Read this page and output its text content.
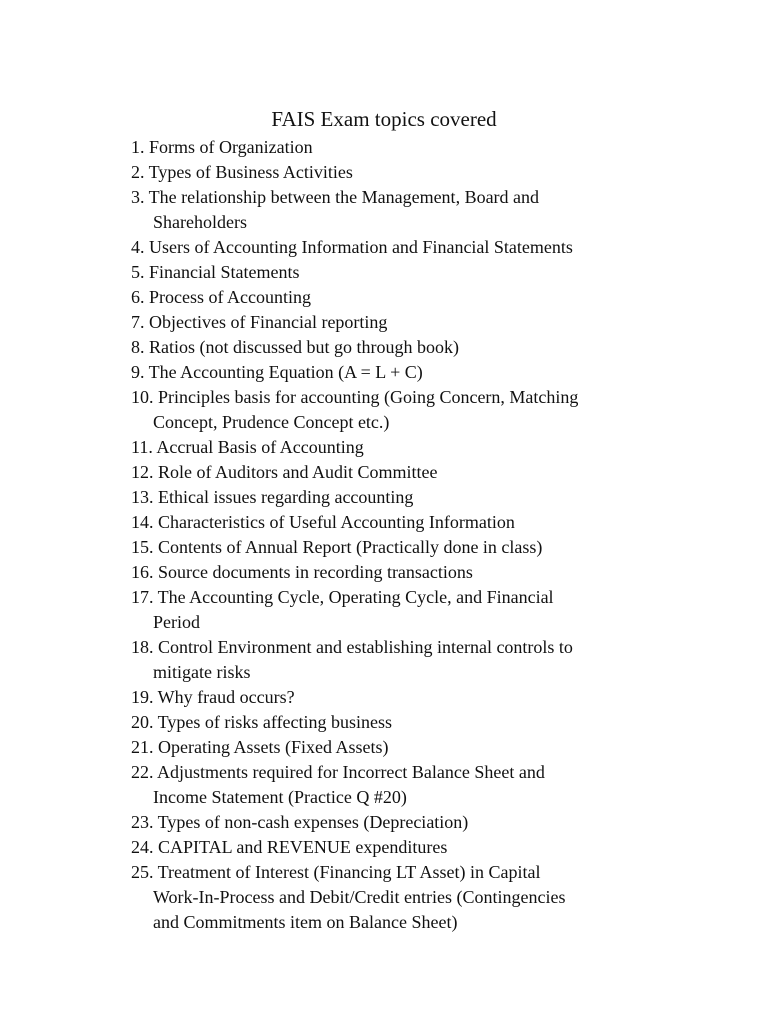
FAIS Exam topics covered
1. Forms of Organization
2. Types of Business Activities
3. The relationship between the Management, Board and
Shareholders
4. Users of Accounting Information and Financial Statements
5. Financial Statements
6. Process of Accounting
7. Objectives of Financial reporting
8. Ratios (not discussed but go through book)
9. The Accounting Equation (A = L + C)
10. Principles basis for accounting (Going Concern, Matching
Concept, Prudence Concept etc.)
11. Accrual Basis of Accounting
12. Role of Auditors and Audit Committee
13. Ethical issues regarding accounting
14. Characteristics of Useful Accounting Information
15. Contents of Annual Report (Practically done in class)
16. Source documents in recording transactions
17. The Accounting Cycle, Operating Cycle, and Financial
Period
18. Control Environment and establishing internal controls to
mitigate risks
19. Why fraud occurs?
20. Types of risks affecting business
21. Operating Assets (Fixed Assets)
22. Adjustments required for Incorrect Balance Sheet and
Income Statement (Practice Q #20)
23. Types of non-cash expenses (Depreciation)
24. CAPITAL and REVENUE expenditures
25. Treatment of Interest (Financing LT Asset) in Capital
Work-In-Process and Debit/Credit entries (Contingencies
and Commitments item on Balance Sheet)
